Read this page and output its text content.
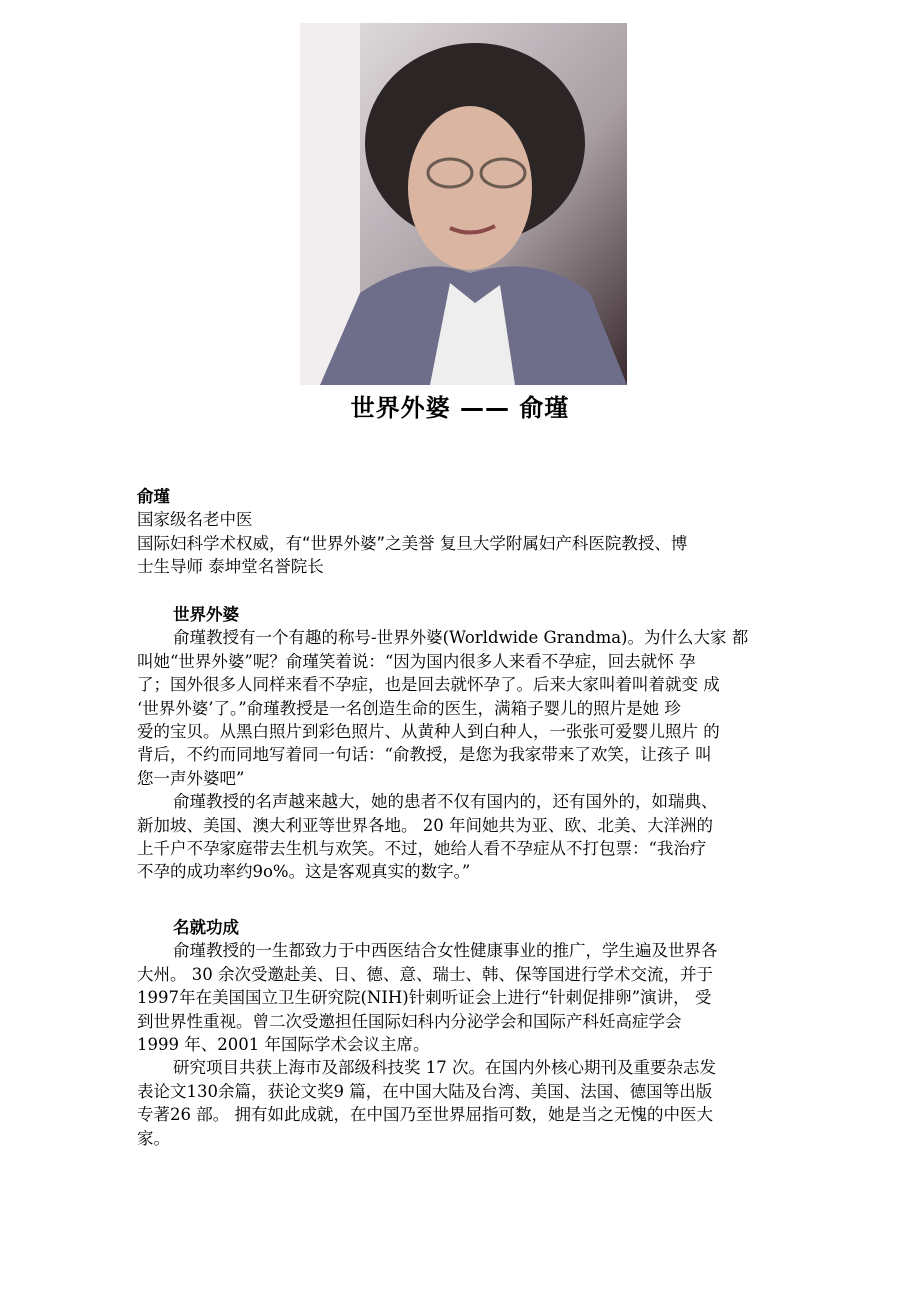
世界外婆 —— 俞瑾
俞瑾
国家级名老中医
国际妇科学术权威，有“世界外婆”之美誉 复旦大学附属妇产科医院教授、博
士生导师 泰坤堂名誉院长
世界外婆
俞瑾教授有一个有趣的称号-世界外婆(Worldwide Grandma)。为什么大家 都
叫她“世界外婆”呢？俞瑾笑着说：“因为国内很多人来看不孕症，回去就怀 孕
了；国外很多人同样来看不孕症，也是回去就怀孕了。后来大家叫着叫着就变 成
‘世界外婆’了。”俞瑾教授是一名创造生命的医生，满箱子婴儿的照片是她 珍
爱的宝贝。从黑白照片到彩色照片、从黄种人到白种人，一张张可爱婴儿照片 的
背后，不约而同地写着同一句话：“俞教授，是您为我家带来了欢笑，让孩子 叫
您一声外婆吧”
俞瑾教授的名声越来越大，她的患者不仅有国内的，还有国外的，如瑞典、
新加坡、美国、澳大利亚等世界各地。 20 年间她共为亚、欧、北美、大洋洲的
上千户不孕家庭带去生机与欢笑。不过，她给人看不孕症从不打包票：“我治疗
不孕的成功率约9o%。这是客观真实的数字。”
名就功成
俞瑾教授的一生都致力于中西医结合女性健康事业的推广，学生遍及世界各
大州。 30 余次受邀赴美、日、德、意、瑞士、韩、保等国进行学术交流，并于
1997年在美国国立卫生研究院(NIH)针刺听证会上进行“针刺促排卵”演讲， 受
到世界性重视。曾二次受邀担任国际妇科内分泌学会和国际产科妊高症学会
1999 年、2001 年国际学术会议主席。
研究项目共获上海市及部级科技奖 17 次。在国内外核心期刊及重要杂志发
表论文130余篇，获论文奖9 篇，在中国大陆及台湾、美国、法国、德国等出版
专著26 部。 拥有如此成就，在中国乃至世界屈指可数，她是当之无愧的中医大
家。
